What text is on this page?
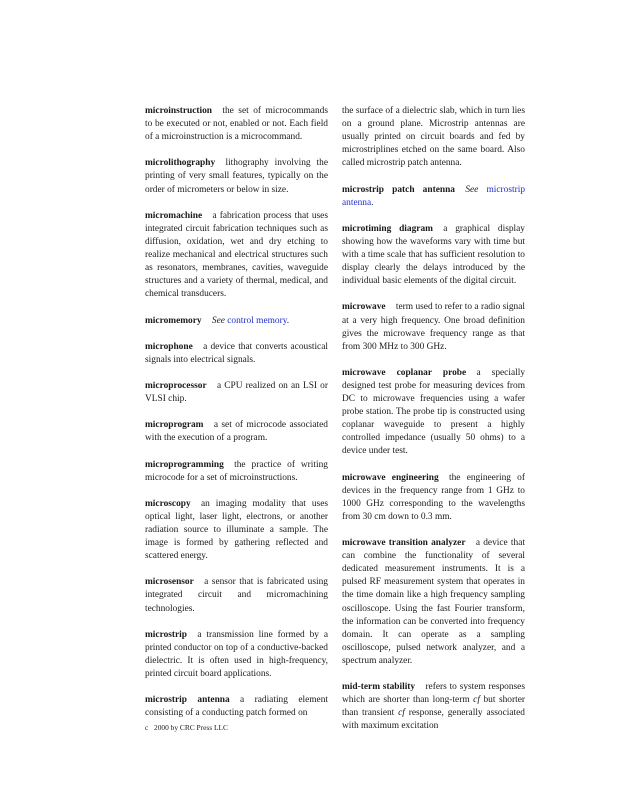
microinstruction the set of microcommands to be executed or not, enabled or not. Each field of a microinstruction is a microcommand.

microlithography lithography involving the printing of very small features, typically on the order of micrometers or below in size.

micromachine a fabrication process that uses integrated circuit fabrication techniques such as diffusion, oxidation, wet and dry etching to realize mechanical and electrical structures such as resonators, membranes, cavities, waveguide structures and a variety of thermal, medical, and chemical transducers.

micromemory See control memory.

microphone a device that converts acoustical signals into electrical signals.

microprocessor a CPU realized on an LSI or VLSI chip.

microprogram a set of microcode associated with the execution of a program.

microprogramming the practice of writing microcode for a set of microinstructions.

microscopy an imaging modality that uses optical light, laser light, electrons, or another radiation source to illuminate a sample. The image is formed by gathering reflected and scattered energy.

microsensor a sensor that is fabricated using integrated circuit and micromachining technologies.

microstrip a transmission line formed by a printed conductor on top of a conductive-backed dielectric. It is often used in high-frequency, printed circuit board applications.

microstrip antenna a radiating element consisting of a conducting patch formed on

the surface of a dielectric slab, which in turn lies on a ground plane. Microstrip antennas are usually printed on circuit boards and fed by microstriplines etched on the same board. Also called microstrip patch antenna.

microstrip patch antenna See microstrip antenna.

microtiming diagram a graphical display showing how the waveforms vary with time but with a time scale that has sufficient resolution to display clearly the delays introduced by the individual basic elements of the digital circuit.

microwave term used to refer to a radio signal at a very high frequency. One broad definition gives the microwave frequency range as that from 300 MHz to 300 GHz.

microwave coplanar probe a specially designed test probe for measuring devices from DC to microwave frequencies using a wafer probe station. The probe tip is constructed using coplanar waveguide to present a highly controlled impedance (usually 50 ohms) to a device under test.

microwave engineering the engineering of devices in the frequency range from 1 GHz to 1000 GHz corresponding to the wavelengths from 30 cm down to 0.3 mm.

microwave transition analyzer a device that can combine the functionality of several dedicated measurement instruments. It is a pulsed RF measurement system that operates in the time domain like a high frequency sampling oscilloscope. Using the fast Fourier transform, the information can be converted into frequency domain. It can operate as a sampling oscilloscope, pulsed network analyzer, and a spectrum analyzer.

mid-term stability refers to system responses which are shorter than long-term cf but shorter than transient cf response, generally associated with maximum excitation

c⃝2000 by CRC Press LLC
